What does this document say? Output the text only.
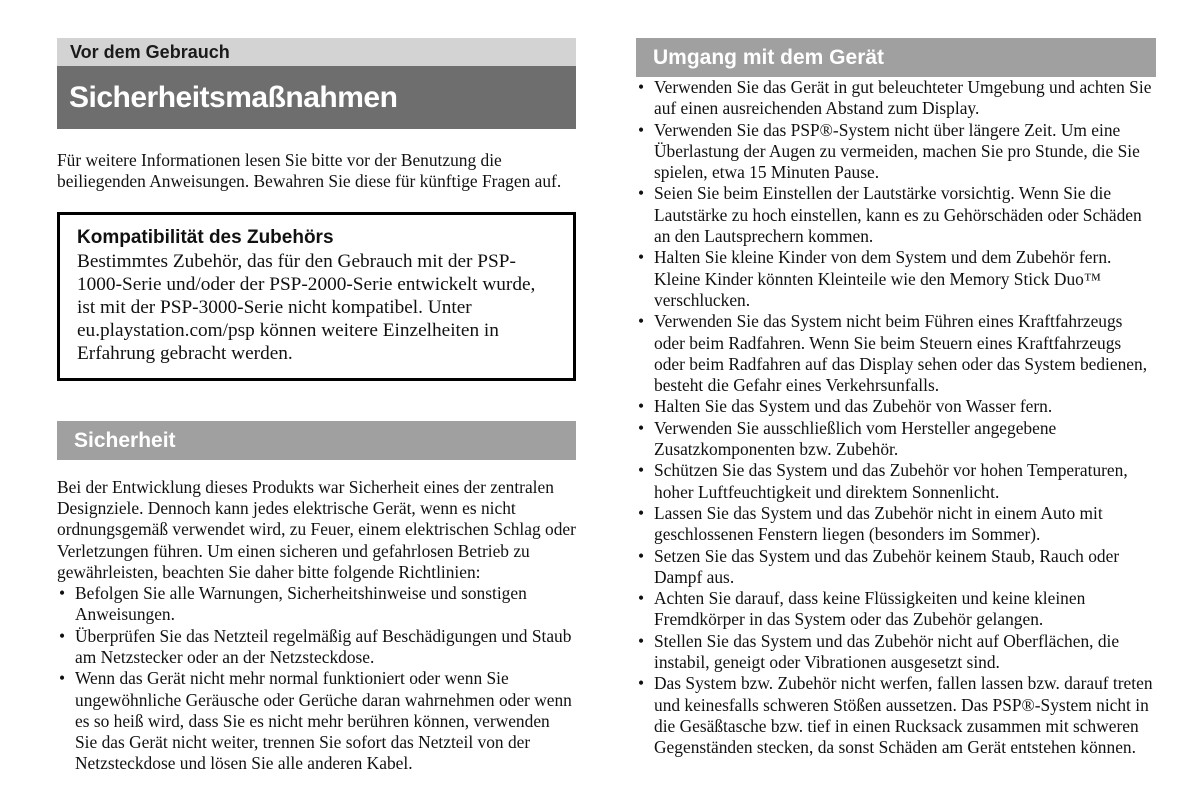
Vor dem Gebrauch
Sicherheitsmaßnahmen

Für weitere Informationen lesen Sie bitte vor der Benutzung die beiliegenden Anweisungen. Bewahren Sie diese für künftige Fragen auf.

Kompatibilität des Zubehörs
Bestimmtes Zubehör, das für den Gebrauch mit der PSP-1000-Serie und/oder der PSP-2000-Serie entwickelt wurde, ist mit der PSP-3000-Serie nicht kompatibel. Unter eu.playstation.com/psp können weitere Einzelheiten in Erfahrung gebracht werden.
Sicherheit

Bei der Entwicklung dieses Produkts war Sicherheit eines der zentralen Designziele. Dennoch kann jedes elektrische Gerät, wenn es nicht ordnungsgemäß verwendet wird, zu Feuer, einem elektrischen Schlag oder Verletzungen führen. Um einen sicheren und gefahrlosen Betrieb zu gewährleisten, beachten Sie daher bitte folgende Richtlinien:

• Befolgen Sie alle Warnungen, Sicherheitshinweise und sonstigen Anweisungen.
• Überprüfen Sie das Netzteil regelmäßig auf Beschädigungen und Staub am Netzstecker oder an der Netzsteckdose.
• Wenn das Gerät nicht mehr normal funktioniert oder wenn Sie ungewöhnliche Geräusche oder Gerüche daran wahrnehmen oder wenn es so heiß wird, dass Sie es nicht mehr berühren können, verwenden Sie das Gerät nicht weiter, trennen Sie sofort das Netzteil von der Netzsteckdose und lösen Sie alle anderen Kabel.
Umgang mit dem Gerät
• Verwenden Sie das Gerät in gut beleuchteter Umgebung und achten Sie auf einen ausreichenden Abstand zum Display.
• Verwenden Sie das PSP®-System nicht über längere Zeit. Um eine Überlastung der Augen zu vermeiden, machen Sie pro Stunde, die Sie spielen, etwa 15 Minuten Pause.
• Seien Sie beim Einstellen der Lautstärke vorsichtig. Wenn Sie die Lautstärke zu hoch einstellen, kann es zu Gehörschäden oder Schäden an den Lautsprechern kommen.
• Halten Sie kleine Kinder von dem System und dem Zubehör fern. Kleine Kinder könnten Kleinteile wie den Memory Stick Duo™ verschlucken.
• Verwenden Sie das System nicht beim Führen eines Kraftfahrzeugs oder beim Radfahren. Wenn Sie beim Steuern eines Kraftfahrzeugs oder beim Radfahren auf das Display sehen oder das System bedienen, besteht die Gefahr eines Verkehrsunfalls.
• Halten Sie das System und das Zubehör von Wasser fern.
• Verwenden Sie ausschließlich vom Hersteller angegebene Zusatzkomponenten bzw. Zubehör.
• Schützen Sie das System und das Zubehör vor hohen Temperaturen, hoher Luftfeuchtigkeit und direktem Sonnenlicht.
• Lassen Sie das System und das Zubehör nicht in einem Auto mit geschlossenen Fenstern liegen (besonders im Sommer).
• Setzen Sie das System und das Zubehör keinem Staub, Rauch oder Dampf aus.
• Achten Sie darauf, dass keine Flüssigkeiten und keine kleinen Fremdkörper in das System oder das Zubehör gelangen.
• Stellen Sie das System und das Zubehör nicht auf Oberflächen, die instabil, geneigt oder Vibrationen ausgesetzt sind.
• Das System bzw. Zubehör nicht werfen, fallen lassen bzw. darauf treten und keinesfalls schweren Stößen aussetzen. Das PSP®-System nicht in die Gesäßtasche bzw. tief in einen Rucksack zusammen mit schweren Gegenständen stecken, da sonst Schäden am Gerät entstehen können.
